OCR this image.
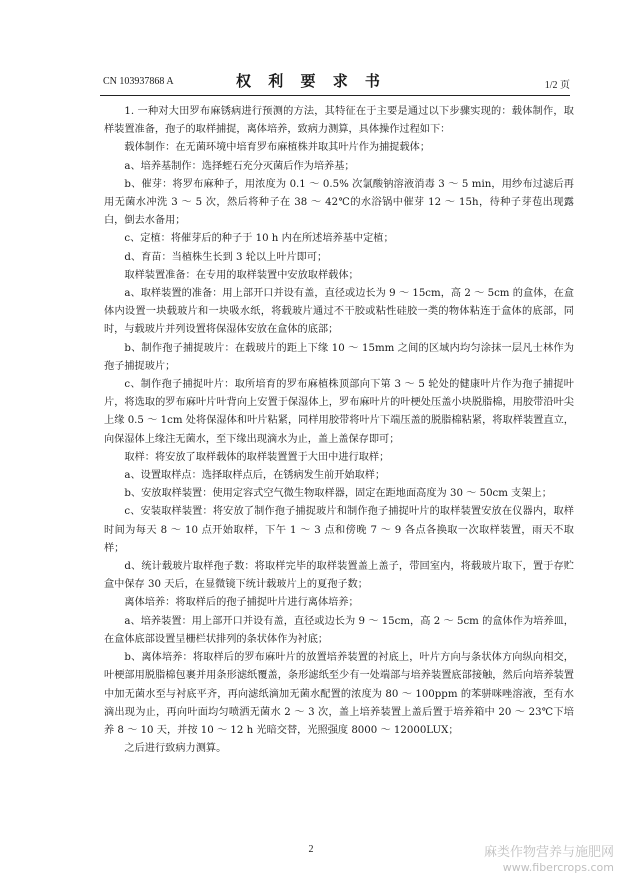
CN 103937868 A	权 利 要 求 书	1/2 页

1. 一种对大田罗布麻锈病进行预测的方法，其特征在于主要是通过以下步骤实现的：载体制作，取样装置准备，孢子的取样捕捉，离体培养，致病力测算，具体操作过程如下：

载体制作：在无菌环境中培育罗布麻植株并取其叶片作为捕捉载体；

a、培养基制作：选择蛭石充分灭菌后作为培养基；

b、催芽：将罗布麻种子，用浓度为 0.1 ～ 0.5% 次氯酸钠溶液消毒 3 ～ 5 min，用纱布过滤后再用无菌水冲洗 3 ～ 5 次，然后将种子在 38 ～ 42℃的水浴锅中催芽 12 ～ 15h，待种子芽苞出现露白，倒去水备用；

c、定植：将催芽后的种子于 10 h 内在所述培养基中定植；

d、育苗：当植株生长到 3 轮以上叶片即可；

取样装置准备：在专用的取样装置中安放取样载体；

a、取样装置的准备：用上部开口并设有盖，直径或边长为 9 ～ 15cm，高 2 ～ 5cm 的盒体，在盒体内设置一块载玻片和一块吸水纸，将载玻片通过不干胶或粘性硅胶一类的物体粘连于盒体的底部，同时，与载玻片并列设置将保湿体安放在盒体的底部；

b、制作孢子捕捉玻片：在载玻片的距上下缘 10 ～ 15mm 之间的区域内均匀涂抹一层凡士林作为孢子捕捉玻片；

c、制作孢子捕捉叶片：取所培育的罗布麻植株顶部向下第 3 ～ 5 轮处的健康叶片作为孢子捕捉叶片，将选取的罗布麻叶片叶背向上安置于保湿体上，罗布麻叶片的叶梗处压盖小块脱脂棉，用胶带沿叶尖上缘 0.5 ～ 1cm 处将保湿体和叶片粘紧，同样用胶带将叶片下端压盖的脱脂棉粘紧，将取样装置直立，向保湿体上缘注无菌水，至下缘出现滴水为止，盖上盖保存即可；

取样：将安放了取样载体的取样装置置于大田中进行取样；

a、设置取样点：选择取样点后，在锈病发生前开始取样；

b、安放取样装置：使用定容式空气微生物取样器，固定在距地面高度为 30 ～ 50cm 支架上；

c、安装取样装置：将安放了制作孢子捕捉玻片和制作孢子捕捉叶片的取样装置安放在仪器内，取样时间为每天 8 ～ 10 点开始取样，下午 1 ～ 3 点和傍晚 7 ～ 9 各点各换取一次取样装置，雨天不取样；

d、统计载玻片取样孢子数：将取样完毕的取样装置盖上盖子，带回室内，将载玻片取下，置于存贮盒中保存 30 天后，在显微镜下统计载玻片上的夏孢子数；

离体培养：将取样后的孢子捕捉叶片进行离体培养；

a、培养装置：用上部开口并设有盖，直径或边长为 9 ～ 15cm，高 2 ～ 5cm 的盒体作为培养皿，在盒体底部设置呈栅栏状排列的条状体作为衬底；

b、离体培养：将取样后的罗布麻叶片的放置培养装置的衬底上，叶片方向与条状体方向纵向相交，叶梗部用脱脂棉包裹并用条形滤纸覆盖，条形滤纸至少有一处端部与培养装置底部接触，然后向培养装置中加无菌水至与衬底平齐，再向滤纸滴加无菌水配置的浓度为 80 ～ 100ppm 的苯骈咪唑溶液，至有水滴出现为止，再向叶面均匀喷洒无菌水 2 ～ 3 次，盖上培养装置上盖后置于培养箱中 20 ～ 23℃下培养 8 ～ 10 天，并按 10 ～ 12 h 光暗交替，光照强度 8000 ～ 12000LUX；

之后进行致病力测算。

2	麻类作物营养与施肥网
www.fibercrops.com
